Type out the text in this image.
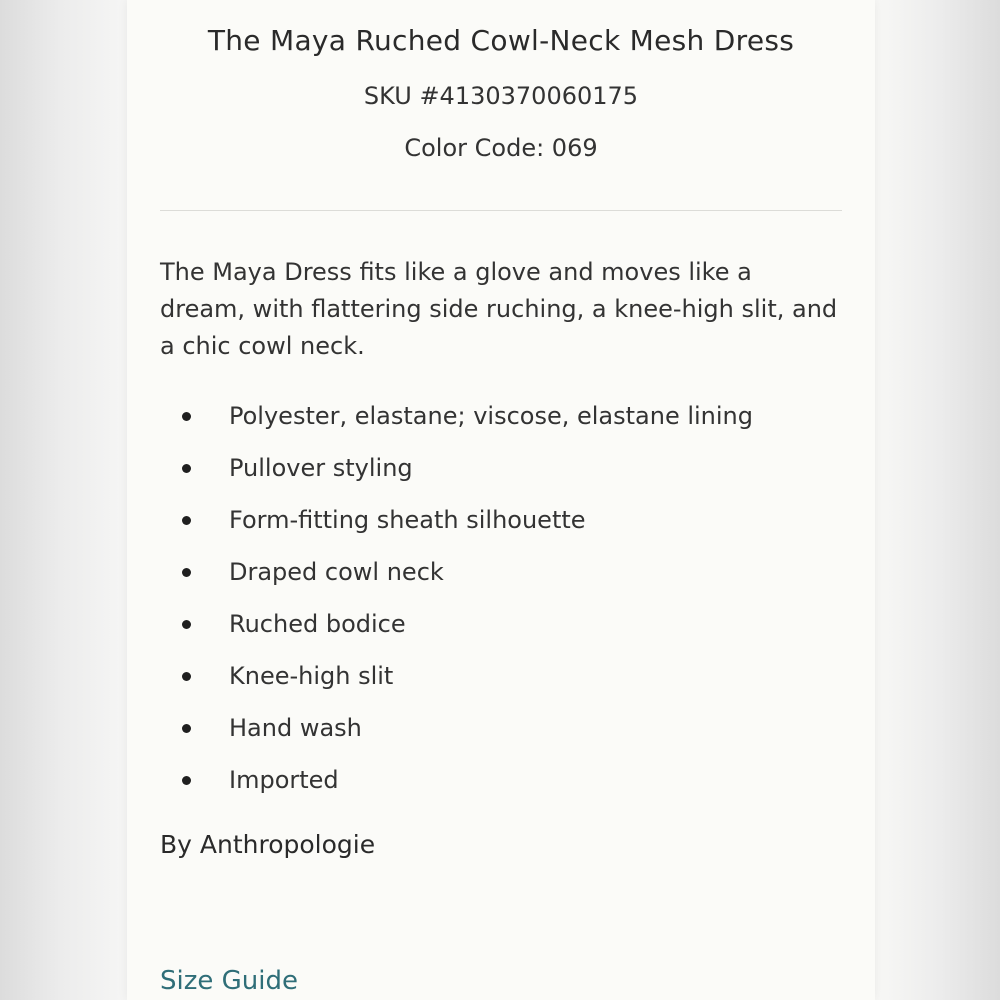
The Maya Ruched Cowl-Neck Mesh Dress
SKU #4130370060175
Color Code: 069

The Maya Dress fits like a glove and moves like a dream, with flattering side ruching, a knee-high slit, and a chic cowl neck.

Polyester, elastane; viscose, elastane lining
Pullover styling
Form-fitting sheath silhouette
Draped cowl neck
Ruched bodice
Knee-high slit
Hand wash
Imported
By Anthropologie
Size Guide
